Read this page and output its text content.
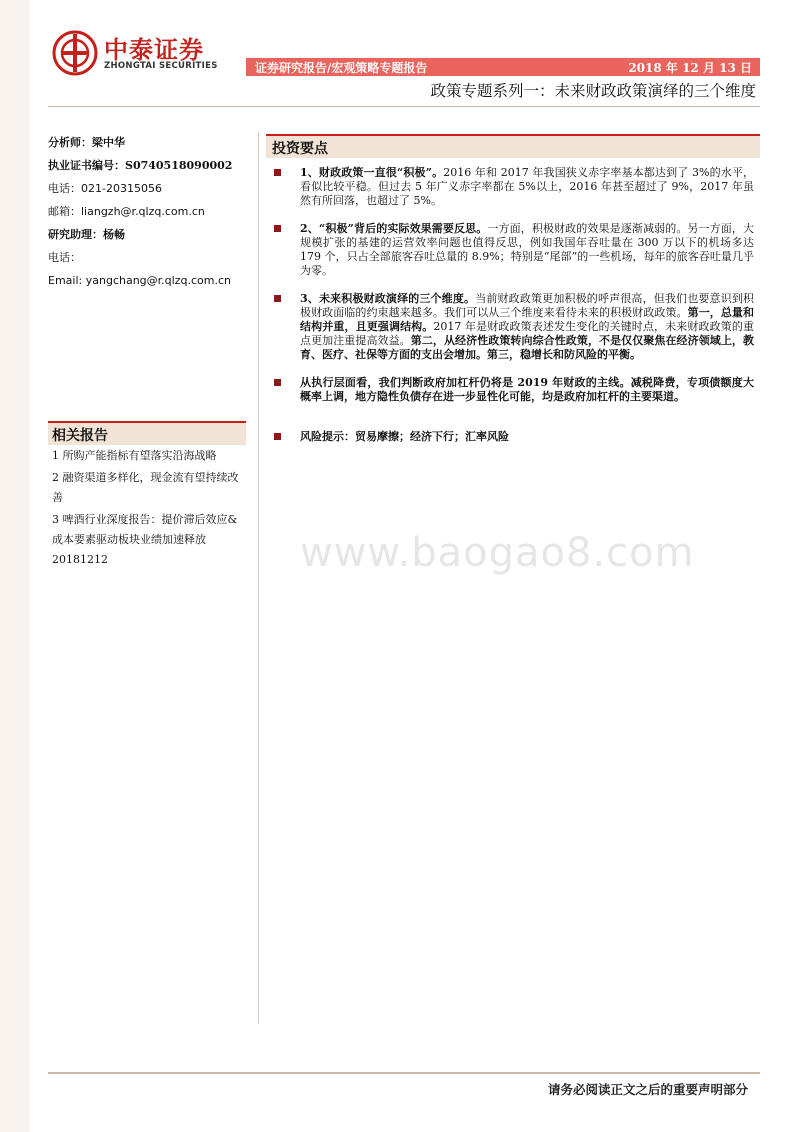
中泰证券
ZHONGTAI SECURITIES	证券研究报告/宏观策略专题报告	2018 年 12 月 13 日
政策专题系列一：未来财政政策演绎的三个维度
分析师：梁中华
执业证书编号：S0740518090002
电话：021-20315056
邮箱：liangzh@r.qlzq.com.cn
研究助理：杨畅
电话：
Email: yangchang@r.qlzq.com.cn
相关报告
1 所购产能指标有望落实沿海战略
2 融资渠道多样化，现金流有望持续改善
3 啤酒行业深度报告：提价滞后效应&成本要素驱动板块业绩加速释放 20181212
投资要点
1、财政政策一直很“积极”。2016 年和 2017 年我国狭义赤字率基本都达到了 3%的水平，看似比较平稳。但过去 5 年广义赤字率都在 5%以上，2016 年甚至超过了 9%，2017 年虽然有所回落，也超过了 5%。
2、“积极”背后的实际效果需要反思。一方面，积极财政的效果是逐渐减弱的。另一方面，大规模扩张的基建的运营效率问题也值得反思，例如我国年吞吐量在 300 万以下的机场多达 179 个，只占全部旅客吞吐总量的 8.9%；特别是“尾部”的一些机场，每年的旅客吞吐量几乎为零。
3、未来积极财政演绎的三个维度。当前财政政策更加积极的呼声很高，但我们也要意识到积极财政面临的约束越来越多。我们可以从三个维度来看待未来的积极财政政策。第一，总量和结构并重，且更强调结构。2017 年是财政政策表述发生变化的关键时点，未来财政政策的重点更加注重提高效益。第二，从经济性政策转向综合性政策，不是仅仅聚焦在经济领域上，教育、医疗、社保等方面的支出会增加。第三，稳增长和防风险的平衡。
从执行层面看，我们判断政府加杠杆仍将是 2019 年财政的主线。减税降费，专项债额度大概率上调，地方隐性负债存在进一步显性化可能，均是政府加杠杆的主要渠道。
风险提示：贸易摩擦；经济下行；汇率风险
www.baogao8.com
请务必阅读正文之后的重要声明部分
